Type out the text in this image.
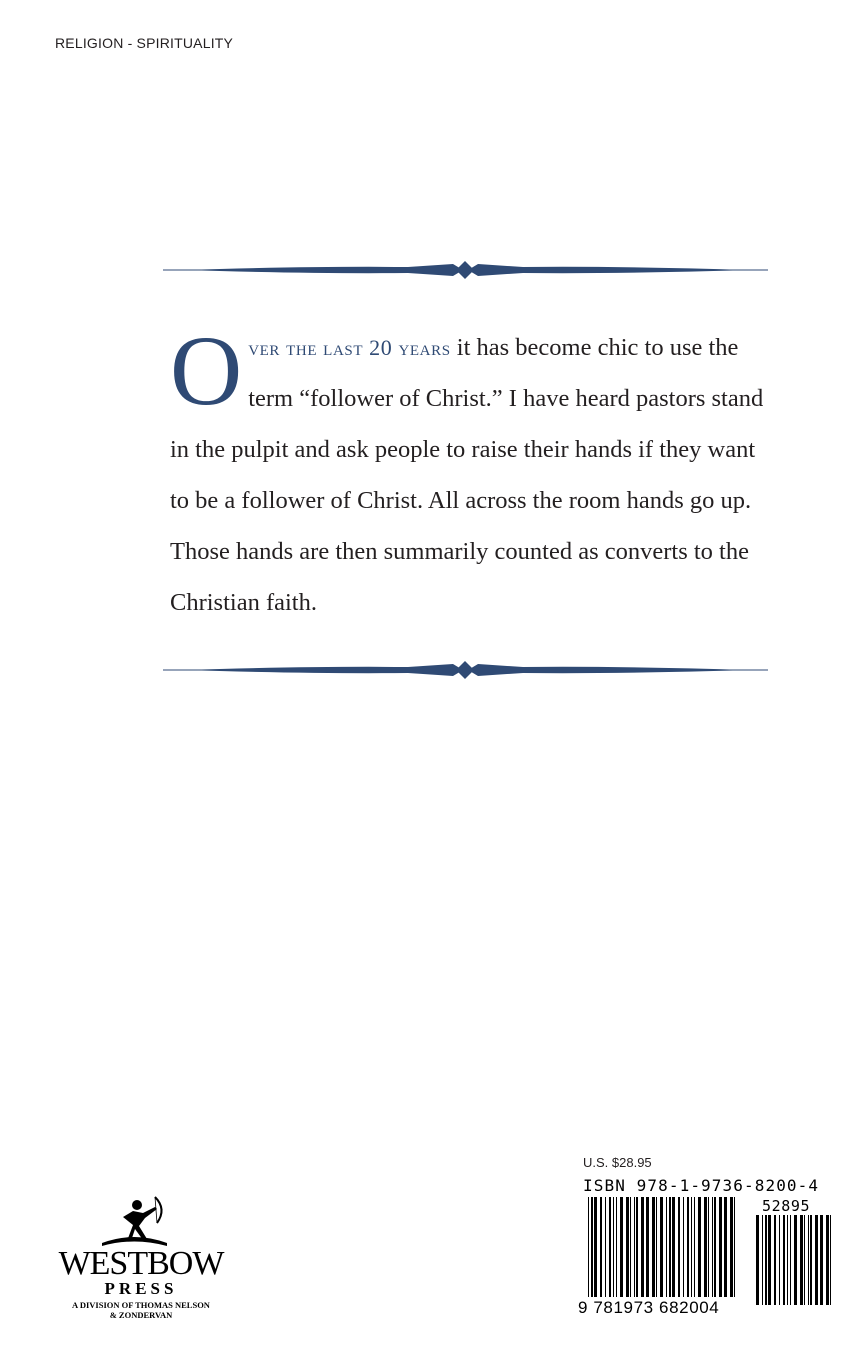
RELIGION - SPIRITUALITY
O ver the last 20 years it has become chic to use the term “follower of Christ.” I have heard pastors stand in the pulpit and ask people to raise their hands if they want to be a follower of Christ. All across the room hands go up. Those hands are then summarily counted as converts to the Christian faith.
WESTBOW
PRESS
A DIVISION OF THOMAS NELSON
& ZONDERVAN
U.S. $28.95
ISBN 978-1-9736-8200-4
52895
9 781973 682004
